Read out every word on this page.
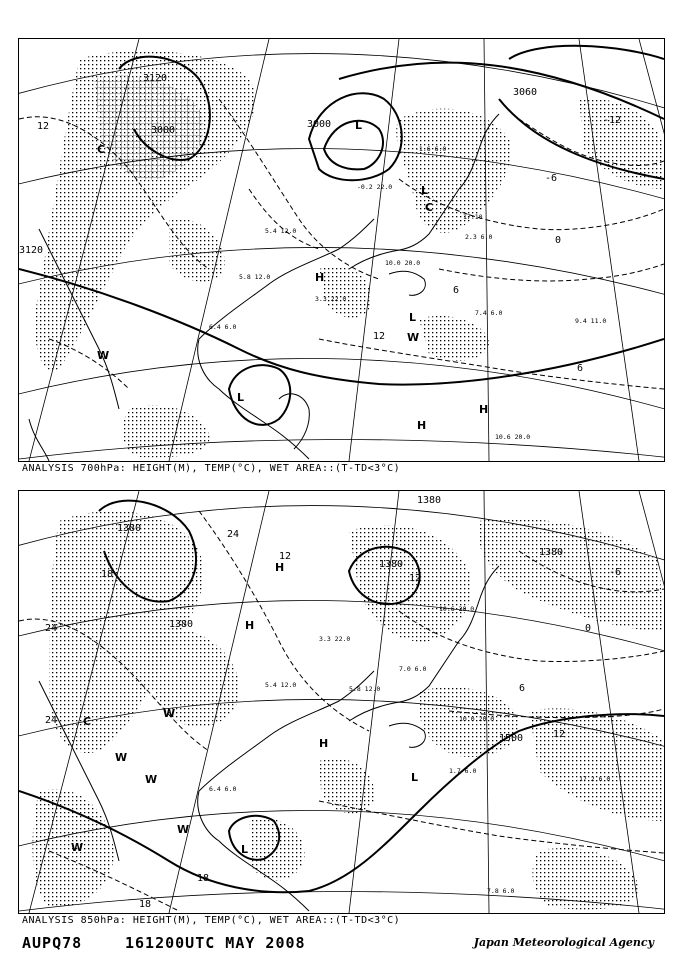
3120
3000
3000
3120
3060
12
-12
-6
0
6
12
6
L
L
L
L
H
H
H
W
W
C
C
-1.6 6.0
-0.2 22.0
17.10
2.3 6.0
9.4 11.0
7.4 6.0
10.0 20.0
10.6 20.0
5.4 12.0
3.3 22.0
6.4 6.0
5.8 12.0
ANALYSIS 700hPa: HEIGHT(M), TEMP(°C), WET AREA::(T-TD<3°C)
1380
1380
1380
1380
1500
1380
24
24
18
12
-6
0
12
18
18
24
12
6
H
H
H
L
L
W
W
W
W
W
C
1.7 6.0
17.2 6.0
7.8 6.0
10.0 20.0
5.4 12.0
3.3 22.0
6.4 6.0
7.0 6.0
10.6 20.0
5.8 12.0
ANALYSIS 850hPa: HEIGHT(M), TEMP(°C), WET AREA::(T-TD<3°C)
AUPQ78	161200UTC MAY 2008	Japan Meteorological Agency
